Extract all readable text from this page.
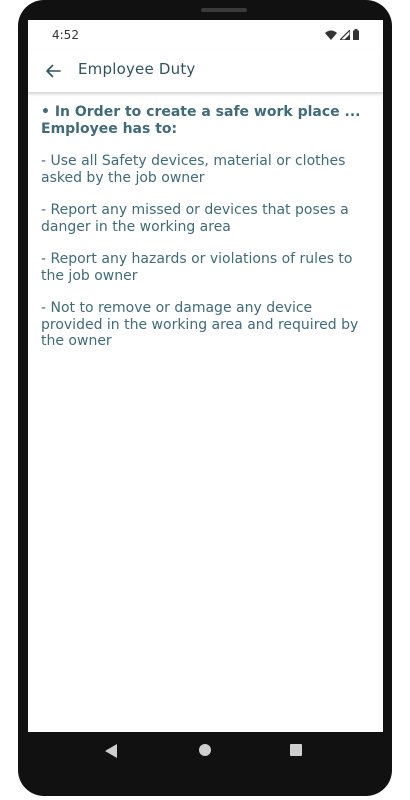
4:52
Employee Duty

• In Order to create a safe work place ... Employee has to:

- Use all Safety devices, material or clothes asked by the job owner

- Report any missed or devices that poses a danger in the working area

- Report any hazards or violations of rules to the job owner

- Not to remove or damage any device provided in the working area and required by the owner
